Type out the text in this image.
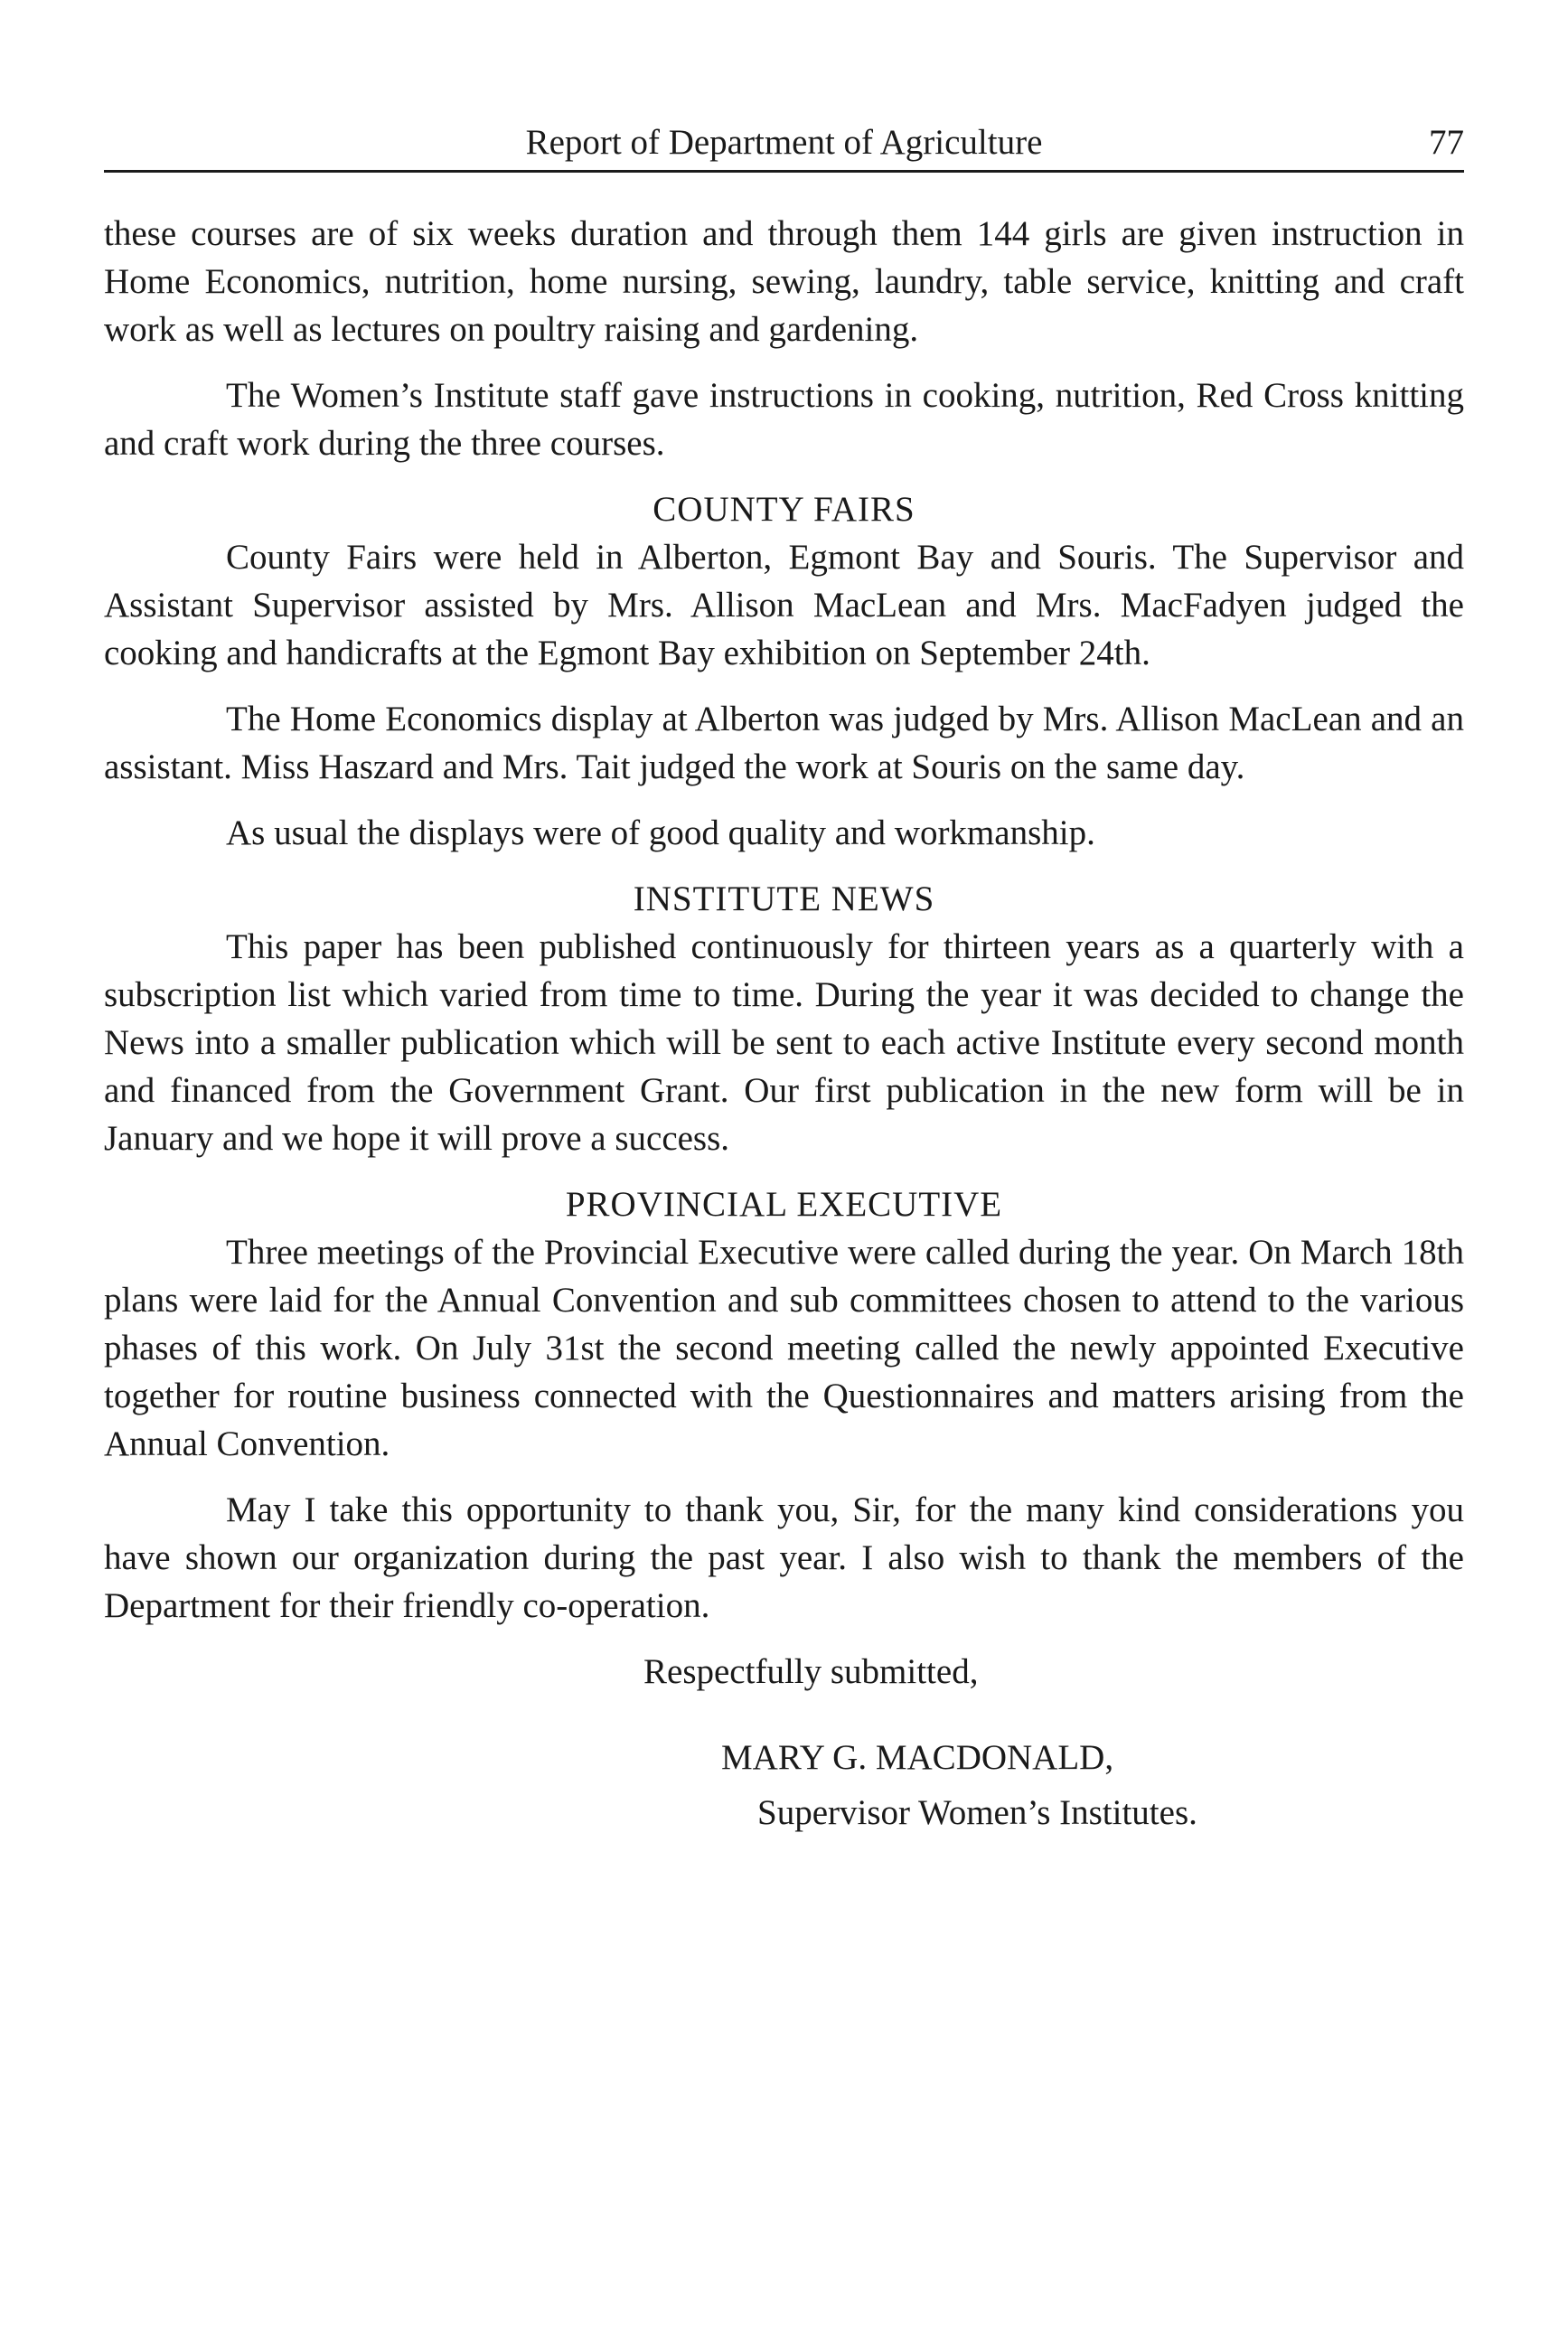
Report of Department of Agriculture	77

these courses are of six weeks duration and through them 144 girls are given instruction in Home Economics, nutrition, home nursing, sewing, laundry, table service, knitting and craft work as well as lectures on poultry raising and gardening.

The Women’s Institute staff gave instructions in cooking, nutrition, Red Cross knitting and craft work during the three courses.

COUNTY FAIRS

County Fairs were held in Alberton, Egmont Bay and Souris. The Supervisor and Assistant Supervisor assisted by Mrs. Allison MacLean and Mrs. MacFadyen judged the cooking and handicrafts at the Egmont Bay exhibition on September 24th.

The Home Economics display at Alberton was judged by Mrs. Allison MacLean and an assistant. Miss Haszard and Mrs. Tait judged the work at Souris on the same day.

As usual the displays were of good quality and workmanship.

INSTITUTE NEWS

This paper has been published continuously for thirteen years as a quarterly with a subscription list which varied from time to time. During the year it was decided to change the News into a smaller publication which will be sent to each active Institute every second month and financed from the Government Grant. Our first publication in the new form will be in January and we hope it will prove a success.

PROVINCIAL EXECUTIVE

Three meetings of the Provincial Executive were called during the year. On March 18th plans were laid for the Annual Convention and sub committees chosen to attend to the various phases of this work. On July 31st the second meeting called the newly appointed Executive together for routine business connected with the Questionnaires and matters arising from the Annual Convention.

May I take this opportunity to thank you, Sir, for the many kind considerations you have shown our organization during the past year. I also wish to thank the members of the Department for their friendly co-operation.

Respectfully submitted,
MARY G. MACDONALD,
Supervisor Women’s Institutes.
